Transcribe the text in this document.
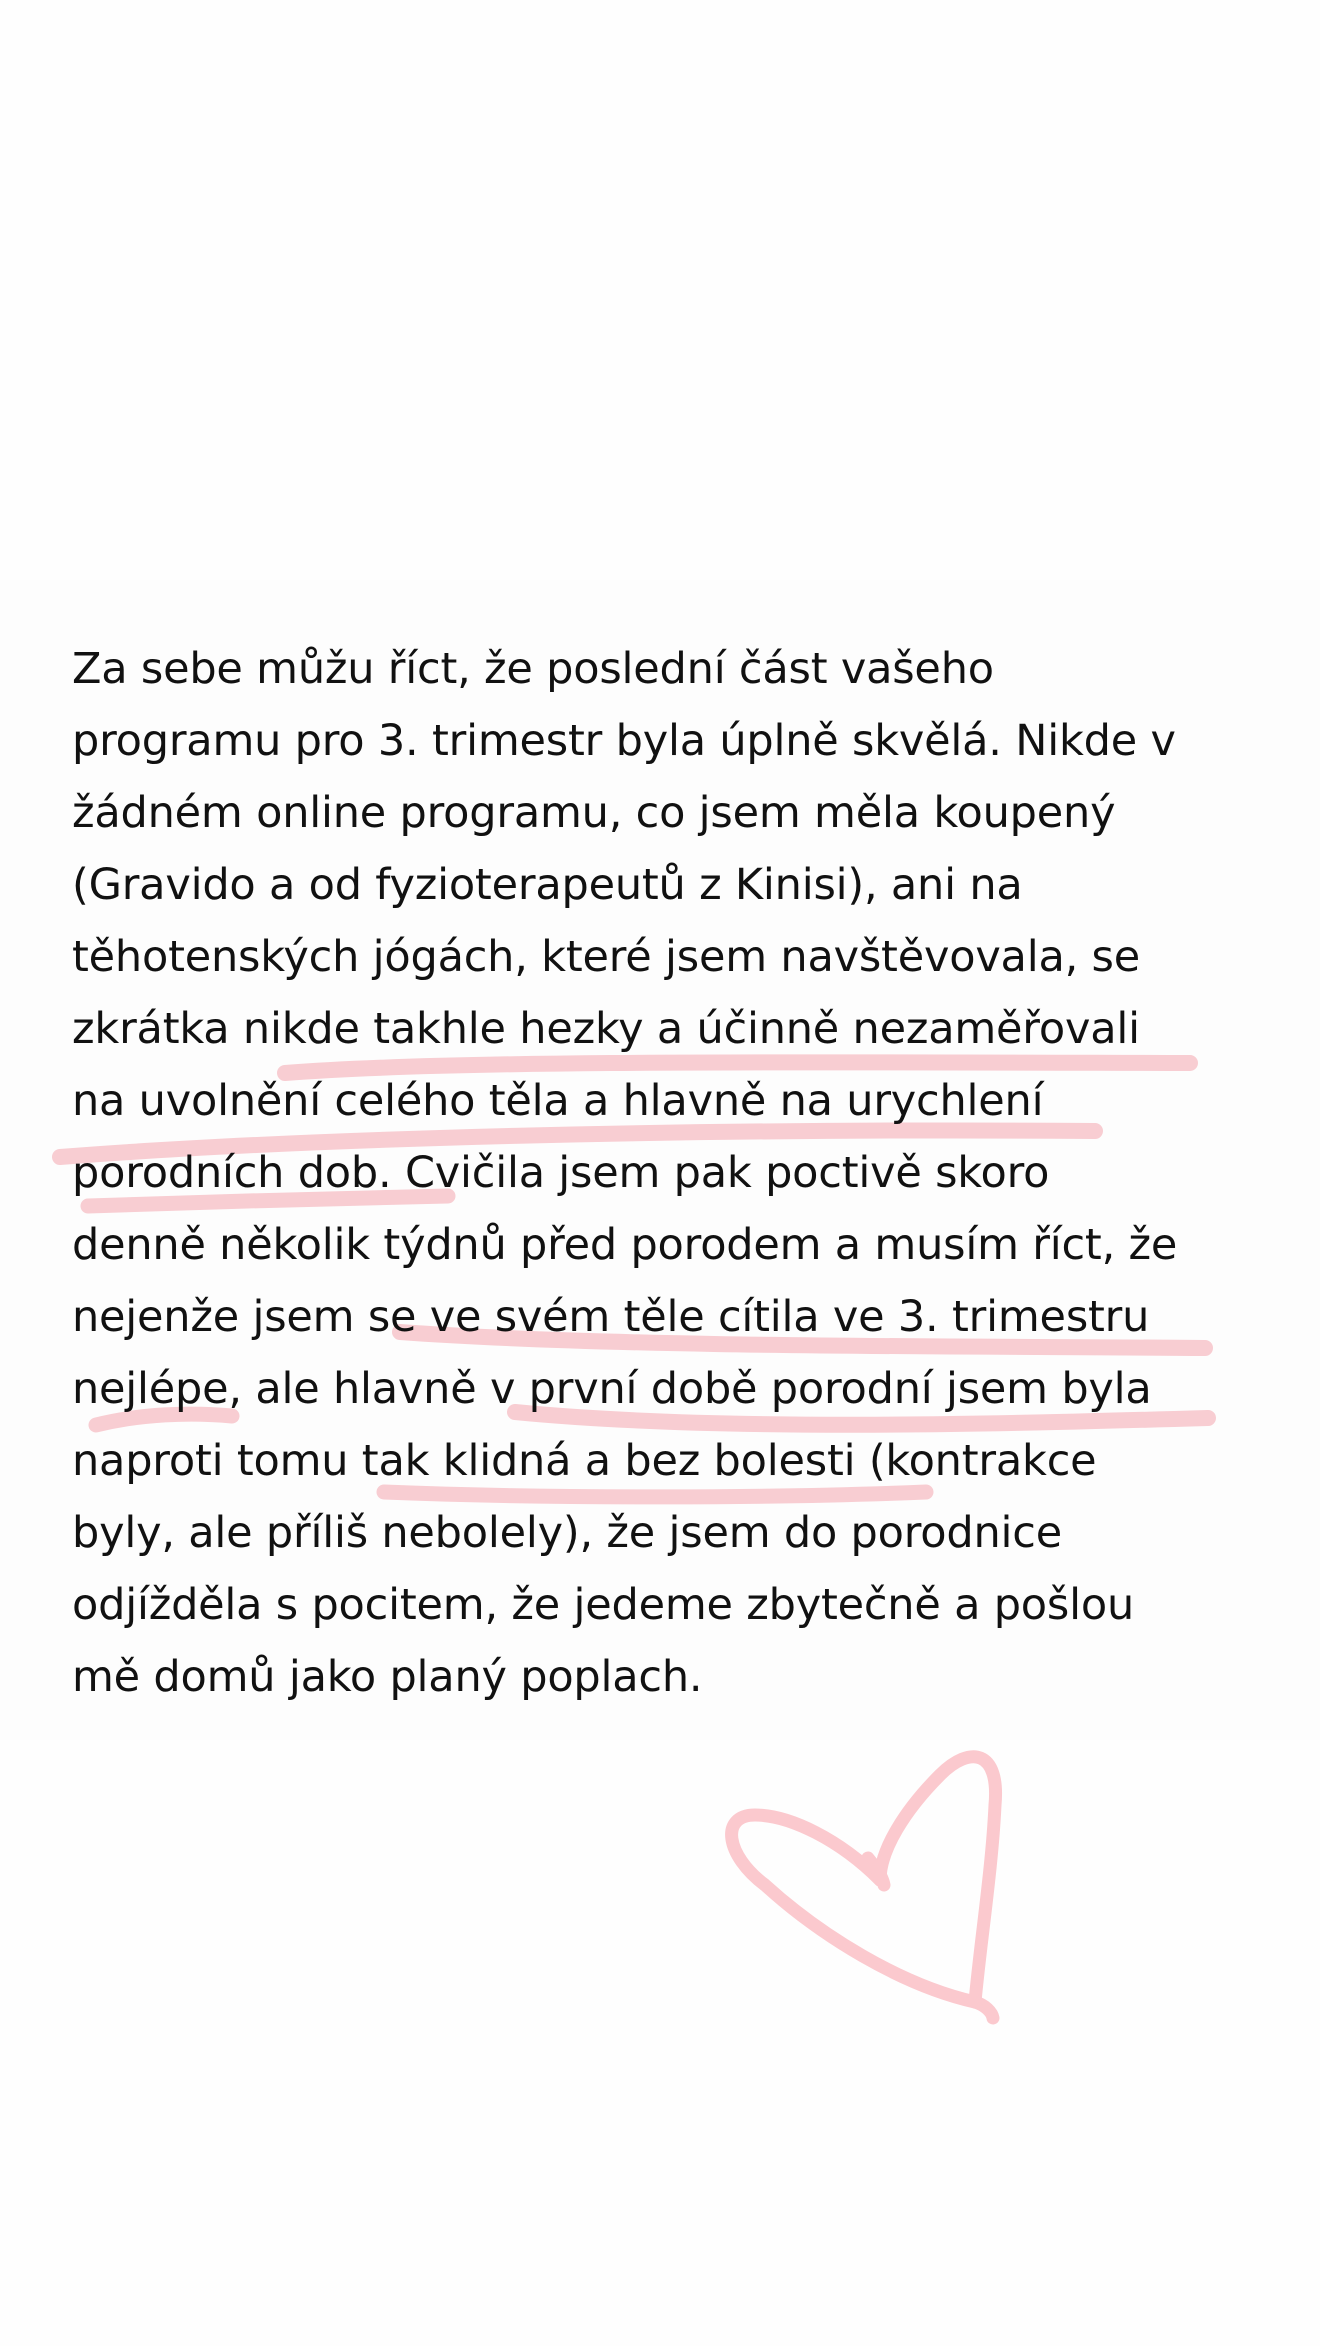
Za sebe můžu říct, že poslední část vašeho
programu pro 3. trimestr byla úplně skvělá. Nikde v
žádném online programu, co jsem měla koupený
(Gravido a od fyzioterapeutů z Kinisi), ani na
těhotenských jógách, které jsem navštěvovala, se
zkrátka nikde takhle hezky a účinně nezaměřovali
na uvolnění celého těla a hlavně na urychlení
porodních dob. Cvičila jsem pak poctivě skoro
denně několik týdnů před porodem a musím říct, že
nejenže jsem se ve svém těle cítila ve 3. trimestru
nejlépe, ale hlavně v první době porodní jsem byla
naproti tomu tak klidná a bez bolesti (kontrakce
byly, ale příliš nebolely), že jsem do porodnice
odjížděla s pocitem, že jedeme zbytečně a pošlou
mě domů jako planý poplach.
